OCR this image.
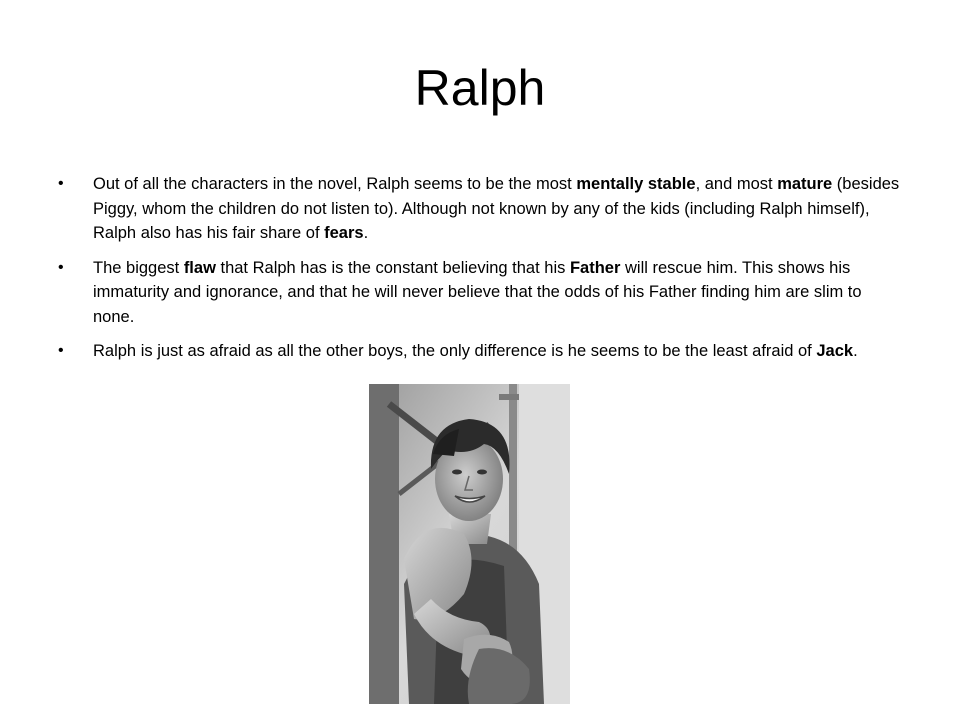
Ralph
• Out of all the characters in the novel, Ralph seems to be the most mentally stable, and most mature (besides Piggy, whom the children do not listen to). Although not known by any of the kids (including Ralph himself), Ralph also has his fair share of fears.
• The biggest flaw that Ralph has is the constant believing that his Father will rescue him. This shows his immaturity and ignorance, and that he will never believe that the odds of his Father finding him are slim to none.
• Ralph is just as afraid as all the other boys, the only difference is he seems to be the least afraid of Jack.
